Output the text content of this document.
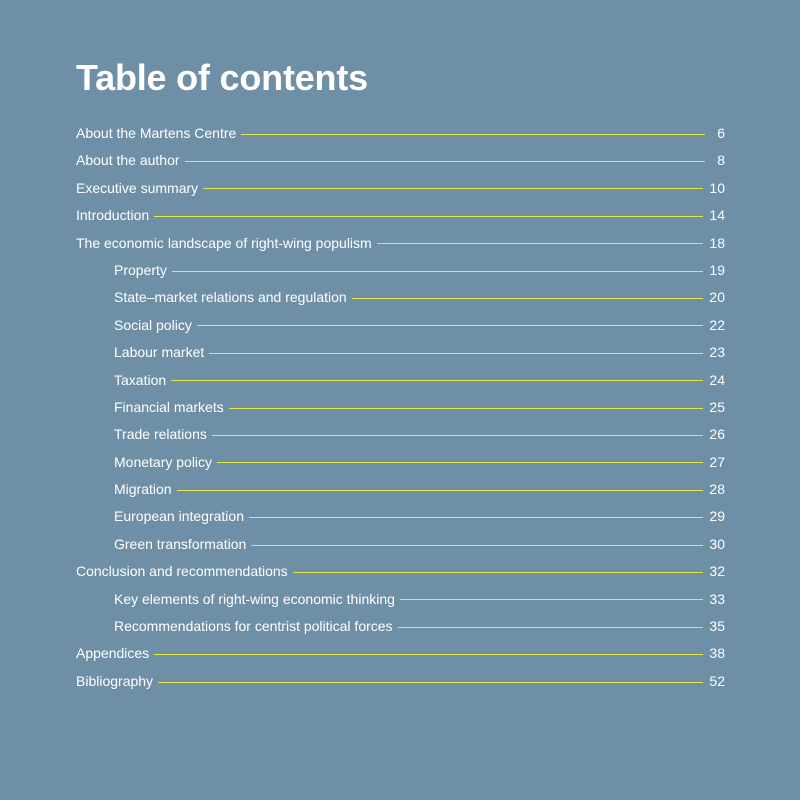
Table of contents
About the Martens Centre	6
About the author	8
Executive summary	10
Introduction	14
The economic landscape of right-wing populism	18
Property	19
State–market relations and regulation	20
Social policy	22
Labour market	23
Taxation	24
Financial markets	25
Trade relations	26
Monetary policy	27
Migration	28
European integration	29
Green transformation	30
Conclusion and recommendations	32
Key elements of right-wing economic thinking	33
Recommendations for centrist political forces	35
Appendices	38
Bibliography	52
